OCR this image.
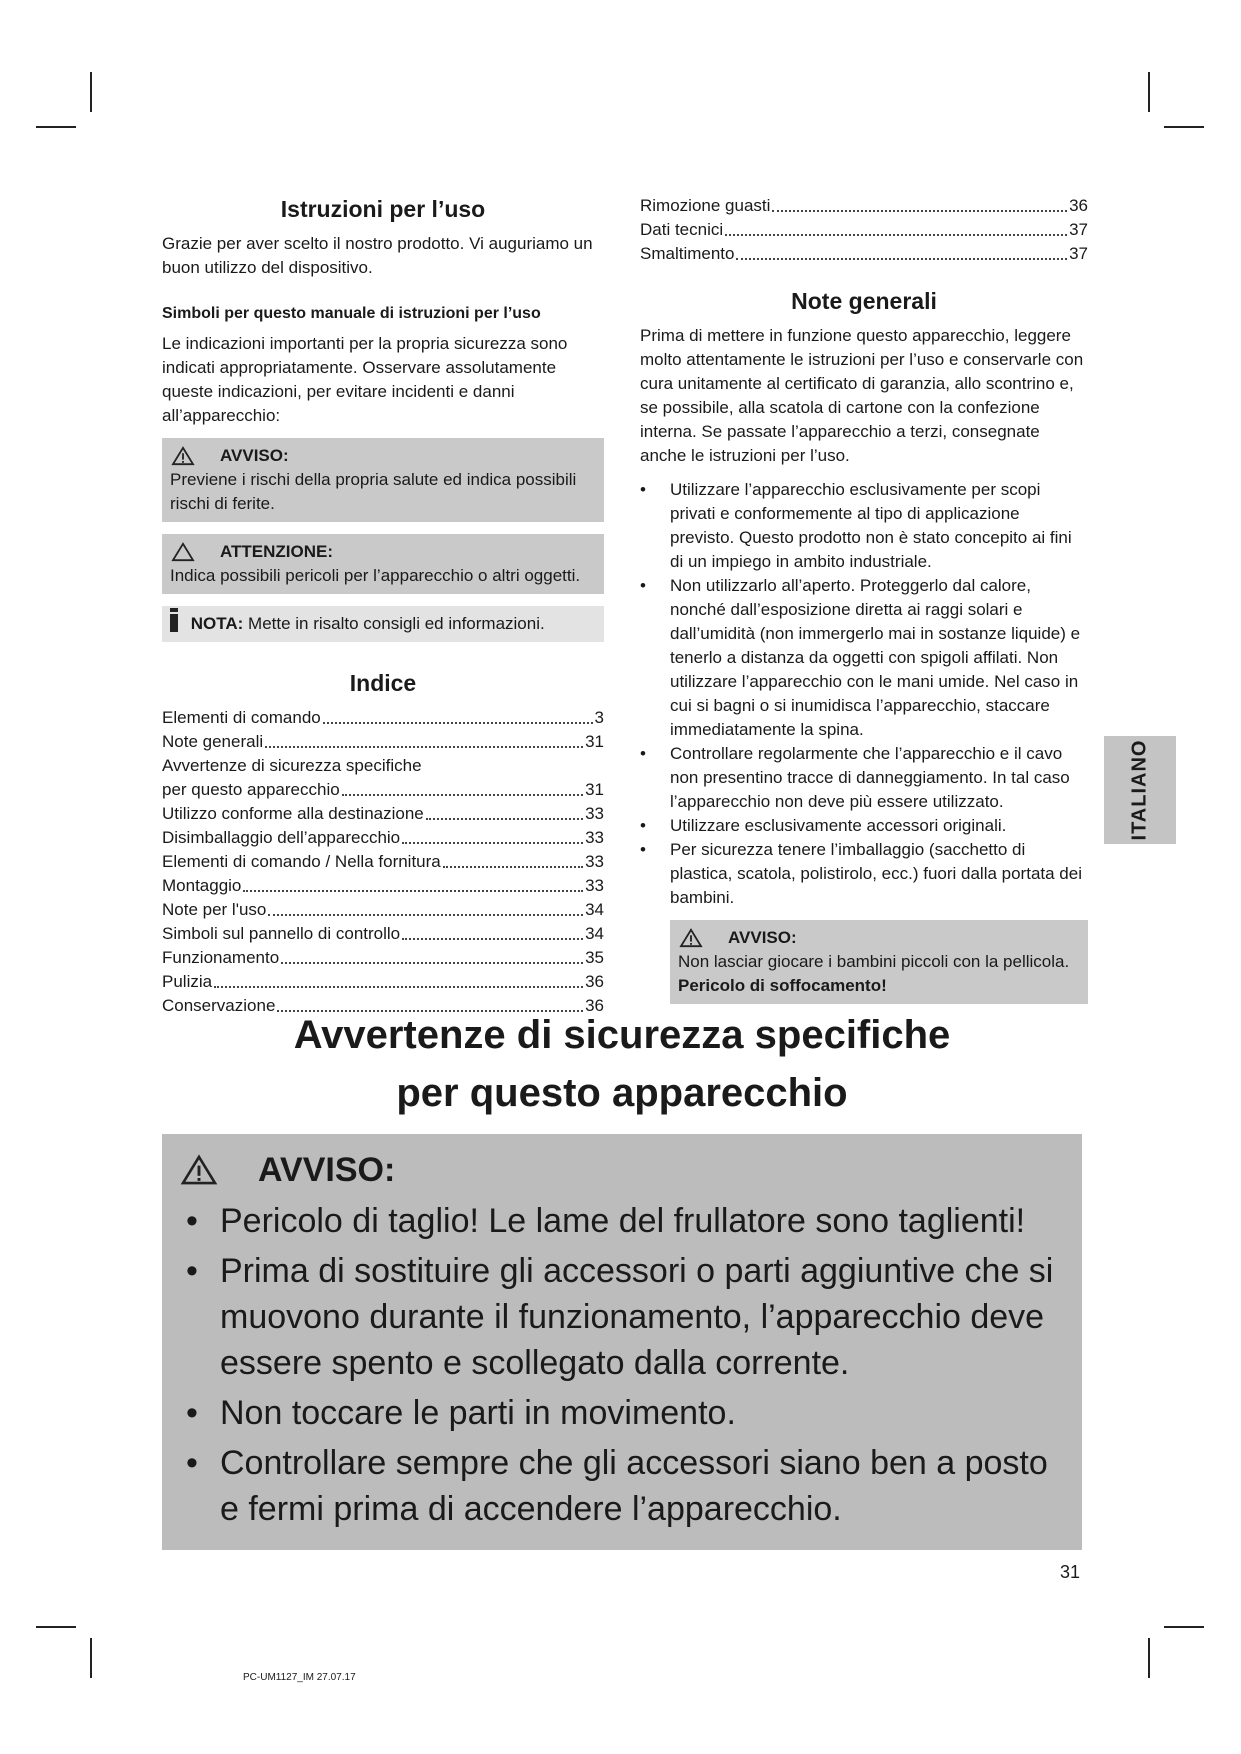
Istruzioni per l’uso

Grazie per aver scelto il nostro prodotto. Vi auguriamo un buon utilizzo del dispositivo.

Simboli per questo manuale di istruzioni per l’uso

Le indicazioni importanti per la propria sicurezza sono indicati appropriatamente. Osservare assolutamente queste indicazioni, per evitare incidenti e danni all’apparecchio:

AVVISO:

Previene i rischi della propria salute ed indica possibili rischi di ferite.

ATTENZIONE:

Indica possibili pericoli per l’apparecchio o altri oggetti.

NOTA: Mette in risalto consigli ed informazioni.
Indice
Elementi di comando	3
Note generali	31
Avvertenze di sicurezza specifiche
per questo apparecchio	31
Utilizzo conforme alla destinazione	33
Disimballaggio dell’apparecchio	33
Elementi di comando / Nella fornitura	33
Montaggio	33
Note per l'uso	34
Simboli sul pannello di controllo	34
Funzionamento	35
Pulizia	36
Conservazione	36
Rimozione guasti	36
Dati tecnici	37
Smaltimento	37
Note generali

Prima di mettere in funzione questo apparecchio, leggere molto attentamente le istruzioni per l’uso e conservarle con cura unitamente al certificato di garanzia, allo scontrino e, se possibile, alla scatola di cartone con la confezione interna. Se passate l’apparecchio a terzi, consegnate anche le istruzioni per l’uso.

• Utilizzare l’apparecchio esclusivamente per scopi privati e conformemente al tipo di applicazione previsto. Questo prodotto non è stato concepito ai fini di un impiego in ambito industriale.
• Non utilizzarlo all’aperto. Proteggerlo dal calore, nonché dall’esposizione diretta ai raggi solari e dall’umidità (non immergerlo mai in sostanze liquide) e tenerlo a distanza da oggetti con spigoli affilati. Non utilizzare l’apparecchio con le mani umide. Nel caso in cui si bagni o si inumidisca l’apparecchio, staccare immediatamente la spina.
• Controllare regolarmente che l’apparecchio e il cavo non presentino tracce di danneggiamento. In tal caso l’apparecchio non deve più essere utilizzato.
• Utilizzare esclusivamente accessori originali.
• Per sicurezza tenere l’imballaggio (sacchetto di plastica, scatola, polistirolo, ecc.) fuori dalla portata dei bambini.
AVVISO:

Non lasciar giocare i bambini piccoli con la pellicola.

Pericolo di soffocamento!

ITALIANO
Avvertenze di sicurezza specifiche
per questo apparecchio
AVVISO:
• Pericolo di taglio! Le lame del frullatore sono taglienti!
• Prima di sostituire gli accessori o parti aggiuntive che si muovono durante il funzionamento, l’apparecchio deve essere spento e scollegato dalla corrente.
• Non toccare le parti in movimento.
• Controllare sempre che gli accessori siano ben a posto e fermi prima di accendere l’apparecchio.
31
PC-UM1127_IM 27.07.17
